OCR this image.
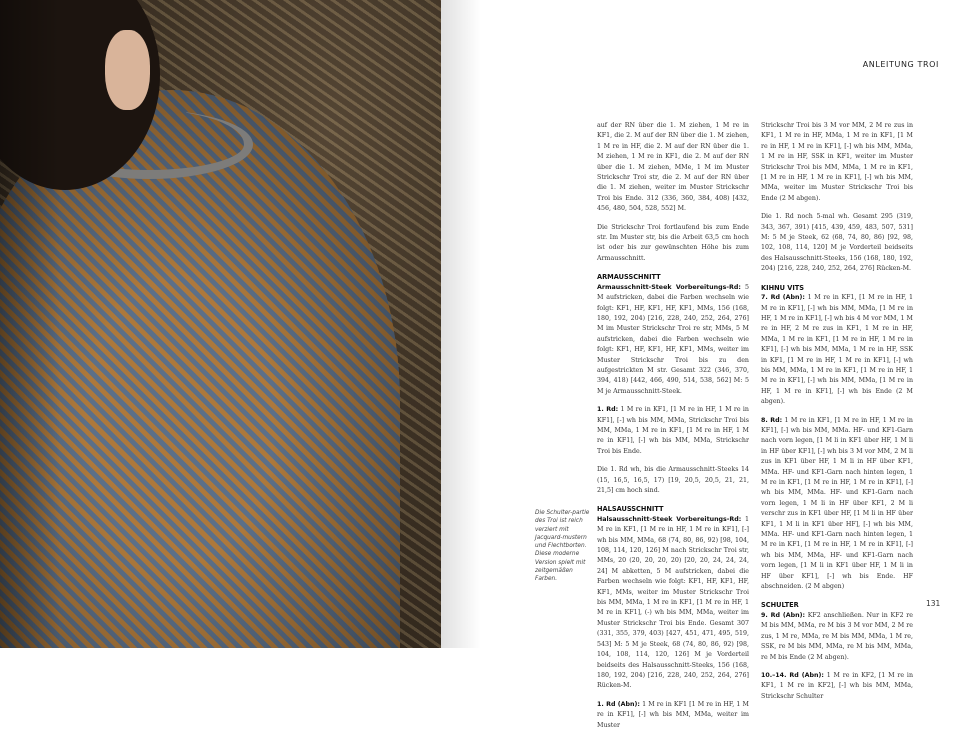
ANLEITUNG TROI
Die Schulter-partie des Troi ist reich verziert mit Jacquard-mustern und Flechtborten. Diese moderne Version spielt mit zeitgemäßen Farben.

auf der RN über die 1. M ziehen, 1 M re in KF1, die 2. M auf der RN über die 1. M ziehen, 1 M re in HF, die 2. M auf der RN über die 1. M ziehen, 1 M re in KF1, die 2. M auf der RN über die 1. M ziehen, MMe, 1 M im Muster Strickschr Troi str, die 2. M auf der RN über die 1. M ziehen, weiter im Muster Strickschr Troi bis Ende. 312 (336, 360, 384, 408) [432, 456, 480, 504, 528, 552] M.

Die Strickschr Troi fortlaufend bis zum Ende str. Im Muster str, bis die Arbeit 63,5 cm hoch ist oder bis zur gewünschten Höhe bis zum Armausschnitt.

ARMAUSSCHNITT

Armausschnitt-Steek Vorbereitungs-Rd: 5 M aufstricken, dabei die Farben wechseln wie folgt: KF1, HF, KF1, HF, KF1, MMs, 156 (168, 180, 192, 204) [216, 228, 240, 252, 264, 276] M im Muster Strickschr Troi re str, MMs, 5 M aufstricken, dabei die Farben wechseln wie folgt: KF1, HF, KF1, HF, KF1, MMs, weiter im Muster Strickschr Troi bis zu den aufgestrickten M str. Gesamt 322 (346, 370, 394, 418) [442, 466, 490, 514, 538, 562] M: 5 M je Armausschnitt-Steek.

1. Rd: 1 M re in KF1, [1 M re in HF, 1 M re in KF1], [-] wh bis MM, MMa, Strickschr Troi bis MM, MMa, 1 M re in KF1, [1 M re in HF, 1 M re in KF1], [-] wh bis MM, MMa, Strickschr Troi bis Ende.

Die 1. Rd wh, bis die Armausschnitt-Steeks 14 (15, 16,5, 16,5, 17) [19, 20,5, 20,5, 21, 21, 21,5] cm hoch sind.

HALSAUSSCHNITT

Halsausschnitt-Steek Vorbereitungs-Rd: 1 M re in KF1, [1 M re in HF, 1 M re in KF1], [-] wh bis MM, MMa, 68 (74, 80, 86, 92) [98, 104, 108, 114, 120, 126] M nach Strickschr Troi str, MMs, 20 (20, 20, 20, 20) [20, 20, 24, 24, 24, 24] M abketten, 5 M aufstricken, dabei die Farben wechseln wie folgt: KF1, HF, KF1, HF, KF1, MMs, weiter im Muster Strickschr Troi bis MM, MMa, 1 M re in KF1, [1 M re in HF, 1 M re in KF1], (-) wh bis MM, MMa, weiter im Muster Strickschr Troi bis Ende. Gesamt 307 (331, 355, 379, 403) [427, 451, 471, 495, 519, 543] M: 5 M je Steek, 68 (74, 80, 86, 92) [98, 104, 108, 114, 120, 126] M je Vorderteil beidseits des Halsausschnitt-Steeks, 156 (168, 180, 192, 204) [216, 228, 240, 252, 264, 276] Rücken-M.

1. Rd (Abn): 1 M re in KF1 [1 M re in HF, 1 M re in KF1], [-] wh bis MM, MMa, weiter im Muster

Strickschr Troi bis 3 M vor MM, 2 M re zus in KF1, 1 M re in HF, MMa, 1 M re in KF1, [1 M re in HF, 1 M re in KF1], [-] wh bis MM, MMa, 1 M re in HF, SSK in KF1, weiter im Muster Strickschr Troi bis MM, MMa, 1 M re in KF1, [1 M re in HF, 1 M re in KF1], [-] wh bis MM, MMa, weiter im Muster Strickschr Troi bis Ende (2 M abgen).

Die 1. Rd noch 5-mal wh. Gesamt 295 (319, 343, 367, 391) [415, 439, 459, 483, 507, 531] M: 5 M je Steek, 62 (68, 74, 80, 86) [92, 98, 102, 108, 114, 120] M je Vorderteil beidseits des Halsausschnitt-Steeks, 156 (168, 180, 192, 204) [216, 228, 240, 252, 264, 276] Rücken-M.

KIHNU VITS

7. Rd (Abn): 1 M re in KF1, [1 M re in HF, 1 M re in KF1], [-] wh bis MM, MMa, [1 M re in HF, 1 M re in KF1], [-] wh bis 4 M vor MM, 1 M re in HF, 2 M re zus in KF1, 1 M re in HF, MMa, 1 M re in KF1, [1 M re in HF, 1 M re in KF1], [-] wh bis MM, MMa, 1 M re in HF, SSK in KF1, [1 M re in HF, 1 M re in KF1], [-] wh bis MM, MMa, 1 M re in KF1, [1 M re in HF, 1 M re in KF1], [-] wh bis MM, MMa, [1 M re in HF, 1 M re in KF1], [-] wh bis Ende (2 M abgen).

8. Rd: 1 M re in KF1, [1 M re in HF, 1 M re in KF1], [-] wh bis MM, MMa. HF- und KF1-Garn nach vorn legen, [1 M li in KF1 über HF, 1 M li in HF über KF1], [-] wh bis 3 M vor MM, 2 M li zus in KF1 über HF, 1 M li in HF über KF1, MMa. HF- und KF1-Garn nach hinten legen, 1 M re in KF1, [1 M re in HF, 1 M re in KF1], [-] wh bis MM, MMa. HF- und KF1-Garn nach vorn legen, 1 M li in HF über KF1, 2 M li verschr zus in KF1 über HF, [1 M li in HF über KF1, 1 M li in KF1 über HF], [-] wh bis MM, MMa. HF- und KF1-Garn nach hinten legen, 1 M re in KF1, [1 M re in HF, 1 M re in KF1], [-] wh bis MM, MMa, HF- und KF1-Garn nach vorn legen, [1 M li in KF1 über HF, 1 M li in HF über KF1], [-] wh bis Ende. HF abschneiden. (2 M abgen)

SCHULTER

9. Rd (Abn): KF2 anschließen. Nur in KF2 re M bis MM, MMa, re M bis 3 M vor MM, 2 M re zus, 1 M re, MMa, re M bis MM, MMa, 1 M re, SSK, re M bis MM, MMa, re M bis MM, MMa, re M bis Ende (2 M abgen).

10.–14. Rd (Abn): 1 M re in KF2, [1 M re in KF1, 1 M re in KF2], [-] wh bis MM, MMa, Strickschr Schulter

131
